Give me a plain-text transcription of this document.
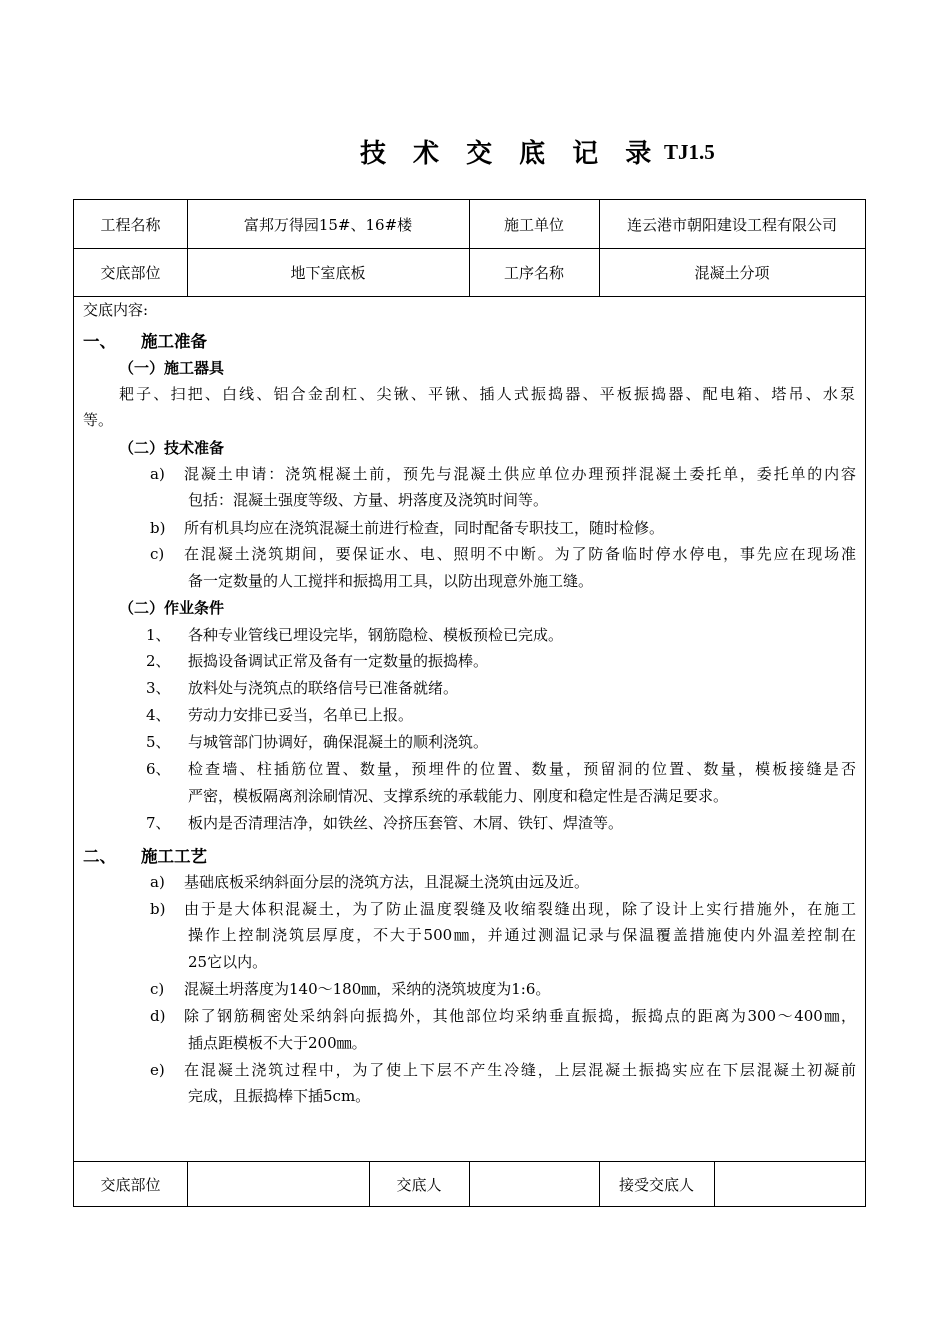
技 术 交 底 记 录 TJ1.5
工程名称	富邦万得园15#、16#楼	施工单位	连云港市朝阳建设工程有限公司
交底部位	地下室底板	工序名称	混凝土分项
交底内容:
一、 施工准备
（一）施工器具
耙子、扫把、白线、铝合金刮杠、尖锹、平锹、插人式振捣器、平板振捣器、配电箱、塔吊、水泵
等。
（二）技术准备
a) 混凝土申请：浇筑棍凝土前，预先与混凝土供应单位办理预拌混凝土委托单，委托单的内容
包括：混凝土强度等级、方量、坍落度及浇筑时间等。
b) 所有机具均应在浇筑混凝土前进行检查，同时配备专职技工，随时检修。
c) 在混凝土浇筑期间，要保证水、电、照明不中断。为了防备临时停水停电，事先应在现场准
备一定数量的人工搅拌和振捣用工具，以防出现意外施工缝。
（二）作业条件
1、 各种专业管线已埋设完毕，钢筋隐检、模板预检已完成。
2、 振捣设备调试正常及备有一定数量的振捣棒。
3、 放料处与浇筑点的联络信号已准备就绪。
4、 劳动力安排已妥当，名单已上报。
5、 与城管部门协调好，确保混凝土的顺利浇筑。
6、 检查墙、柱插筋位置、数量，预埋件的位置、数量，预留洞的位置、数量，模板接缝是否
严密，模板隔离剂涂刷情况、支撑系统的承载能力、刚度和稳定性是否满足要求。
7、 板内是否清理洁净，如铁丝、冷挤压套管、木屑、铁钉、焊渣等。
二、 施工工艺
a) 基础底板采纳斜面分层的浇筑方法，且混凝土浇筑由远及近。
b) 由于是大体积混凝土，为了防止温度裂缝及收缩裂缝出现，除了设计上实行措施外，在施工
操作上控制浇筑层厚度，不大于500㎜，并通过测温记录与保温覆盖措施使内外温差控制在
25它以内。
c) 混凝土坍落度为140～180㎜，采纳的浇筑坡度为1:6。
d) 除了钢筋稠密处采纳斜向振捣外，其他部位均采纳垂直振捣，振捣点的距离为300～400㎜，
插点距模板不大于200㎜。
e) 在混凝土浇筑过程中，为了使上下层不产生冷缝，上层混凝土振捣实应在下层混凝土初凝前
完成，且振捣棒下插5cm。
交底部位	交底人	接受交底人
